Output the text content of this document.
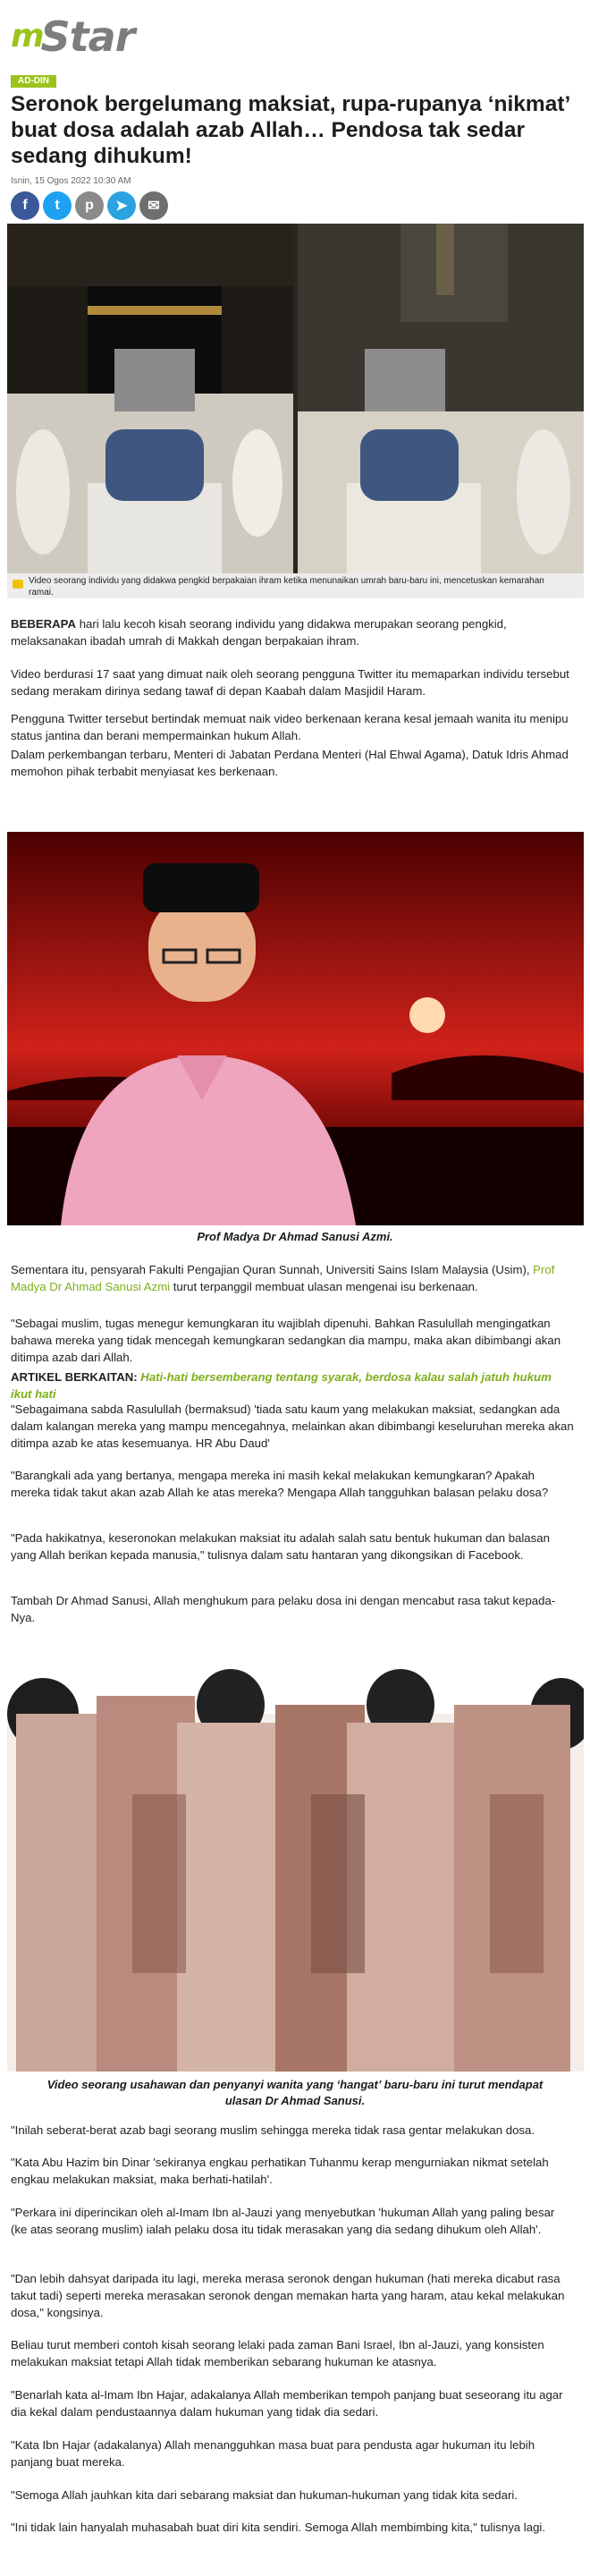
m
Star
AD-DIN
Seronok bergelumang maksiat, rupa-rupanya ‘nikmat’ buat dosa adalah azab Allah… Pendosa tak sedar sedang dihukum!
Isnin, 15 Ogos 2022 10:30 AM
f	t	p	➤	✉
Video seorang individu yang didakwa pengkid berpakaian ihram ketika menunaikan umrah baru-baru ini, mencetuskan kemarahan ramai.

BEBERAPA hari lalu kecoh kisah seorang individu yang didakwa merupakan seorang pengkid, melaksanakan ibadah umrah di Makkah dengan berpakaian ihram.

Video berdurasi 17 saat yang dimuat naik oleh seorang pengguna Twitter itu memaparkan individu tersebut sedang merakam dirinya sedang tawaf di depan Kaabah dalam Masjidil Haram.

Pengguna Twitter tersebut bertindak memuat naik video berkenaan kerana kesal jemaah wanita itu menipu status jantina dan berani mempermainkan hukum Allah.

Dalam perkembangan terbaru, Menteri di Jabatan Perdana Menteri (Hal Ehwal Agama), Datuk Idris Ahmad memohon pihak terbabit menyiasat kes berkenaan.

Prof Madya Dr Ahmad Sanusi Azmi.

Sementara itu, pensyarah Fakulti Pengajian Quran Sunnah, Universiti Sains Islam Malaysia (Usim), Prof Madya Dr Ahmad Sanusi Azmi turut terpanggil membuat ulasan mengenai isu berkenaan.

"Sebagai muslim, tugas menegur kemungkaran itu wajiblah dipenuhi. Bahkan Rasulullah mengingatkan bahawa mereka yang tidak mencegah kemungkaran sedangkan dia mampu, maka akan dibimbangi akan ditimpa azab dari Allah.

ARTIKEL BERKAITAN: Hati-hati bersemberang tentang syarak, berdosa kalau salah jatuh hukum ikut hati

"Sebagaimana sabda Rasulullah (bermaksud) 'tiada satu kaum yang melakukan maksiat, sedangkan ada dalam kalangan mereka yang mampu mencegahnya, melainkan akan dibimbangi keseluruhan mereka akan ditimpa azab ke atas kesemuanya. HR Abu Daud'

"Barangkali ada yang bertanya, mengapa mereka ini masih kekal melakukan kemungkaran? Apakah mereka tidak takut akan azab Allah ke atas mereka? Mengapa Allah tangguhkan balasan pelaku dosa?

"Pada hakikatnya, keseronokan melakukan maksiat itu adalah salah satu bentuk hukuman dan balasan yang Allah berikan kepada manusia," tulisnya dalam satu hantaran yang dikongsikan di Facebook.

Tambah Dr Ahmad Sanusi, Allah menghukum para pelaku dosa ini dengan mencabut rasa takut kepada-Nya.

Video seorang usahawan dan penyanyi wanita yang ‘hangat’ baru-baru ini turut mendapat ulasan Dr Ahmad Sanusi.

"Inilah seberat-berat azab bagi seorang muslim sehingga mereka tidak rasa gentar melakukan dosa.

"Kata Abu Hazim bin Dinar 'sekiranya engkau perhatikan Tuhanmu kerap mengurniakan nikmat setelah engkau melakukan maksiat, maka berhati-hatilah'.

"Perkara ini diperincikan oleh al-Imam Ibn al-Jauzi yang menyebutkan 'hukuman Allah yang paling besar (ke atas seorang muslim) ialah pelaku dosa itu tidak merasakan yang dia sedang dihukum oleh Allah'.

"Dan lebih dahsyat daripada itu lagi, mereka merasa seronok dengan hukuman (hati mereka dicabut rasa takut tadi) seperti mereka merasakan seronok dengan memakan harta yang haram, atau kekal melakukan dosa," kongsinya.

Beliau turut memberi contoh kisah seorang lelaki pada zaman Bani Israel, Ibn al-Jauzi, yang konsisten melakukan maksiat tetapi Allah tidak memberikan sebarang hukuman ke atasnya.

"Benarlah kata al-Imam Ibn Hajar, adakalanya Allah memberikan tempoh panjang buat seseorang itu agar dia kekal dalam pendustaannya dalam hukuman yang tidak dia sedari.

"Kata Ibn Hajar (adakalanya) Allah menangguhkan masa buat para pendusta agar hukuman itu lebih panjang buat mereka.

"Semoga Allah jauhkan kita dari sebarang maksiat dan hukuman-hukuman yang tidak kita sedari.

"Ini tidak lain hanyalah muhasabah buat diri kita sendiri. Semoga Allah membimbing kita," tulisnya lagi.
